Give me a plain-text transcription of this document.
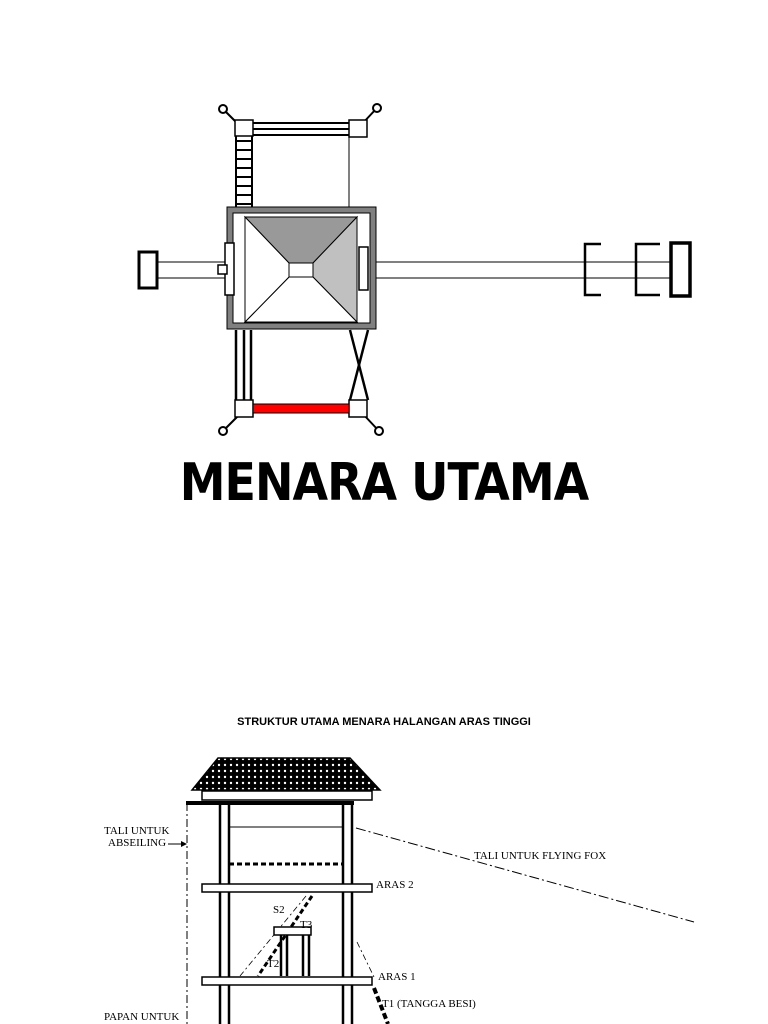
MENARA UTAMA
STRUKTUR UTAMA MENARA HALANGAN ARAS TINGGI
TALI UNTUK
ABSEILING
TALI UNTUK FLYING FOX
ARAS 2
S2
T3
T2
ARAS 1
T1 (TANGGA BESI)
PAPAN UNTUK
